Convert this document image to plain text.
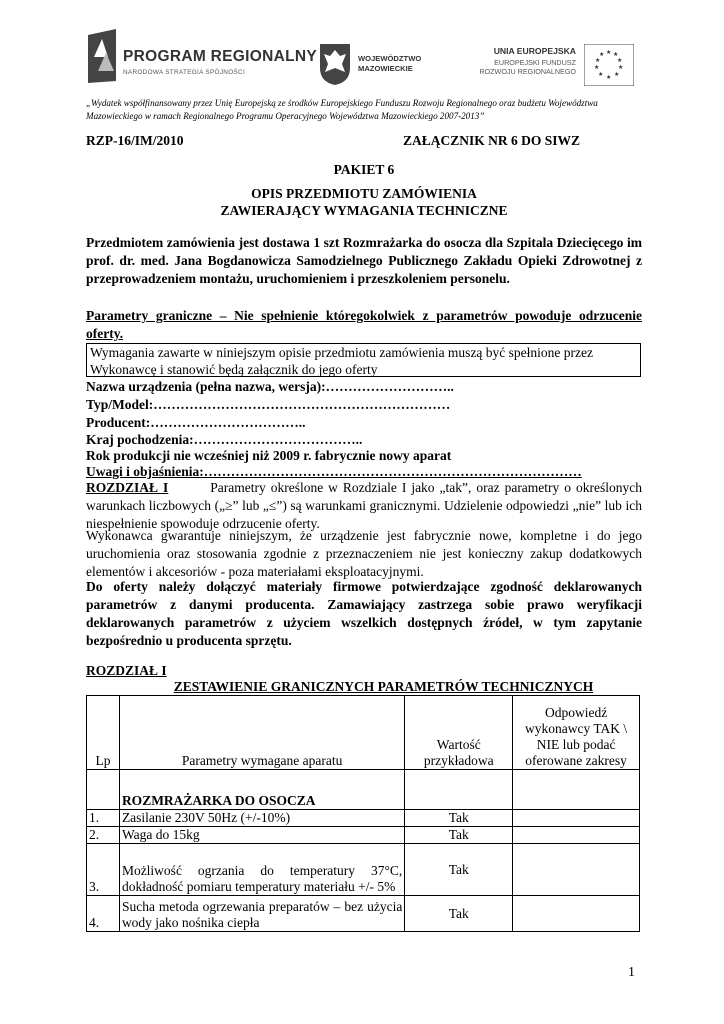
PROGRAM REGIONALNY
NARODOWA STRATEGIA SPÓJNOŚCI
WOJEWÓDZTWO
MAZOWIECKIE
UNIA EUROPEJSKA
EUROPEJSKI FUNDUSZ
ROZWOJU REGIONALNEGO
★ ★
★
★
★
★
★
★
★
★
„Wydatek współfinansowany przez Unię Europejską ze środków Europejskiego Funduszu Rozwoju Regionalnego oraz budżetu Województwa Mazowieckiego w ramach Regionalnego Programu Operacyjnego Województwa Mazowieckiego 2007-2013”
RZP-16/IM/2010	ZAŁĄCZNIK NR 6 DO SIWZ
PAKIET 6
OPIS PRZEDMIOTU ZAMÓWIENIA
ZAWIERAJĄCY WYMAGANIA TECHNICZNE
Przedmiotem zamówienia jest dostawa 1 szt Rozmrażarka do osocza dla Szpitala Dziecięcego im prof. dr. med. Jana Bogdanowicza Samodzielnego Publicznego Zakładu Opieki Zdrowotnej z przeprowadzeniem montażu, uruchomieniem i przeszkoleniem personelu.
Parametry graniczne – Nie spełnienie któregokolwiek z parametrów powoduje odrzucenie oferty.
Wymagania zawarte w niniejszym opisie przedmiotu zamówienia muszą być spełnione przez Wykonawcę i stanowić będą załącznik do jego oferty
Nazwa urządzenia (pełna nazwa, wersja):………………………..
Typ/Model:…………………………………………………………
Producent:……………………………..
Kraj pochodzenia:………………………………..
Rok produkcji nie wcześniej niż 2009 r. fabrycznie nowy aparat
Uwagi i objaśnienia:…………………………………………………………………………
ROZDZIAŁ I	Parametry określone w Rozdziale I jako „tak”, oraz parametry o określonych warunkach liczbowych („≥” lub „≤”) są warunkami granicznymi. Udzielenie odpowiedzi „nie” lub ich niespełnienie spowoduje odrzucenie oferty.
Wykonawca gwarantuje niniejszym, że urządzenie jest fabrycznie nowe, kompletne i do jego uruchomienia oraz stosowania zgodnie z przeznaczeniem nie jest konieczny zakup dodatkowych elementów i akcesoriów - poza materiałami eksploatacyjnymi.
Do oferty należy dołączyć materiały firmowe potwierdzające zgodność deklarowanych parametrów z danymi producenta. Zamawiający zastrzega sobie prawo weryfikacji deklarowanych parametrów z użyciem wszelkich dostępnych źródeł, w tym zapytanie bezpośrednio u producenta sprzętu.
ROZDZIAŁ I
ZESTAWIENIE GRANICZNYCH PARAMETRÓW TECHNICZNYCH
Lp	Parametry wymagane aparatu	Wartość przykładowa	Odpowiedź wykonawcy TAK \ NIE lub podać oferowane zakresy
	ROZMRAŻARKA DO OSOCZA		
1.	Zasilanie 230V 50Hz (+/-10%)	Tak	
2.	Waga do 15kg	Tak	
3.	Możliwość ogrzania do temperatury 37°C, dokładność pomiaru temperatury materiału +/- 5%	Tak	
4.	Sucha metoda ogrzewania preparatów – bez użycia wody jako nośnika ciepła	Tak	
1
